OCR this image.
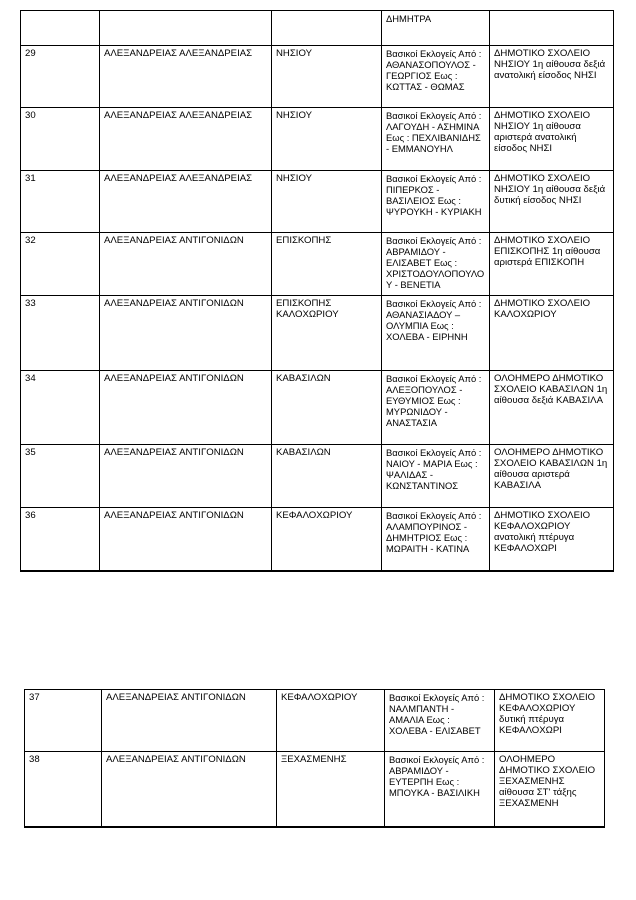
			ΔΗΜΗΤΡΑ	
29	ΑΛΕΞΑΝΔΡΕΙΑΣ ΑΛΕΞΑΝΔΡΕΙΑΣ	ΝΗΣΙΟΥ	Βασικοί Εκλογείς Από : ΑΘΑΝΑΣΟΠΟΥΛΟΣ - ΓΕΩΡΓΙΟΣ Εως : ΚΩΤΤΑΣ - ΘΩΜΑΣ	ΔΗΜΟΤΙΚΟ ΣΧΟΛΕΙΟ ΝΗΣΙΟΥ 1η αίθουσα δεξιά ανατολική είσοδος ΝΗΣΙ
30	ΑΛΕΞΑΝΔΡΕΙΑΣ ΑΛΕΞΑΝΔΡΕΙΑΣ	ΝΗΣΙΟΥ	Βασικοί Εκλογείς Από : ΛΑΓΟΥΔΗ - ΑΣΗΜΙΝΑ Εως : ΠΕΧΛΙΒΑΝΙΔΗΣ - ΕΜΜΑΝΟΥΗΛ	ΔΗΜΟΤΙΚΟ ΣΧΟΛΕΙΟ ΝΗΣΙΟΥ 1η αίθουσα αριστερά ανατολική είσοδος ΝΗΣΙ
31	ΑΛΕΞΑΝΔΡΕΙΑΣ ΑΛΕΞΑΝΔΡΕΙΑΣ	ΝΗΣΙΟΥ	Βασικοί Εκλογείς Από : ΠΙΠΕΡΚΟΣ - ΒΑΣΙΛΕΙΟΣ Εως : ΨΥΡΟΥΚΗ - ΚΥΡΙΑΚΗ	ΔΗΜΟΤΙΚΟ ΣΧΟΛΕΙΟ ΝΗΣΙΟΥ 1η αίθουσα δεξιά δυτική είσοδος ΝΗΣΙ
32	ΑΛΕΞΑΝΔΡΕΙΑΣ ΑΝΤΙΓΟΝΙΔΩΝ	ΕΠΙΣΚΟΠΗΣ	Βασικοί Εκλογείς Από : ΑΒΡΑΜΙΔΟΥ - ΕΛΙΣΑΒΕΤ Εως : ΧΡΙΣΤΟΔΟΥΛΟΠΟΥΛΟΥ - ΒΕΝΕΤΙΑ	ΔΗΜΟΤΙΚΟ ΣΧΟΛΕΙΟ ΕΠΙΣΚΟΠΗΣ 1η αίθουσα αριστερά ΕΠΙΣΚΟΠΗ
33	ΑΛΕΞΑΝΔΡΕΙΑΣ ΑΝΤΙΓΟΝΙΔΩΝ	ΕΠΙΣΚΟΠΗΣ ΚΑΛΟΧΩΡΙΟΥ	Βασικοί Εκλογείς Από : ΑΘΑΝΑΣΙΑΔΟΥ – ΟΛΥΜΠΙΑ Εως : ΧΟΛΕΒΑ - ΕΙΡΗΝΗ	ΔΗΜΟΤΙΚΟ ΣΧΟΛΕΙΟ ΚΑΛΟΧΩΡΙΟΥ
34	ΑΛΕΞΑΝΔΡΕΙΑΣ ΑΝΤΙΓΟΝΙΔΩΝ	ΚΑΒΑΣΙΛΩΝ	Βασικοί Εκλογείς Από : ΑΛΕΞΟΠΟΥΛΟΣ - ΕΥΘΥΜΙΟΣ Εως : ΜΥΡΩΝΙΔΟΥ - ΑΝΑΣΤΑΣΙΑ	ΟΛΟΗΜΕΡΟ ΔΗΜΟΤΙΚΟ ΣΧΟΛΕΙΟ ΚΑΒΑΣΙΛΩΝ 1η αίθουσα δεξιά ΚΑΒΑΣΙΛΑ
35	ΑΛΕΞΑΝΔΡΕΙΑΣ ΑΝΤΙΓΟΝΙΔΩΝ	ΚΑΒΑΣΙΛΩΝ	Βασικοί Εκλογείς Από : ΝΑΙΟΥ - ΜΑΡΙΑ Εως : ΨΑΛΙΔΑΣ - ΚΩΝΣΤΑΝΤΙΝΟΣ	ΟΛΟΗΜΕΡΟ ΔΗΜΟΤΙΚΟ ΣΧΟΛΕΙΟ ΚΑΒΑΣΙΛΩΝ 1η αίθουσα αριστερά ΚΑΒΑΣΙΛΑ
36	ΑΛΕΞΑΝΔΡΕΙΑΣ ΑΝΤΙΓΟΝΙΔΩΝ	ΚΕΦΑΛΟΧΩΡΙΟΥ	Βασικοί Εκλογείς Από : ΑΛΑΜΠΟΥΡΙΝΟΣ - ΔΗΜΗΤΡΙΟΣ Εως : ΜΩΡΑΙΤΗ - ΚΑΤΙΝΑ	ΔΗΜΟΤΙΚΟ ΣΧΟΛΕΙΟ ΚΕΦΑΛΟΧΩΡΙΟΥ ανατολική πτέρυγα ΚΕΦΑΛΟΧΩΡΙ
37	ΑΛΕΞΑΝΔΡΕΙΑΣ ΑΝΤΙΓΟΝΙΔΩΝ	ΚΕΦΑΛΟΧΩΡΙΟΥ	Βασικοί Εκλογείς Από : ΝΑΛΜΠΑΝΤΗ - ΑΜΑΛΙΑ Εως : ΧΟΛΕΒΑ - ΕΛΙΣΑΒΕΤ	ΔΗΜΟΤΙΚΟ ΣΧΟΛΕΙΟ ΚΕΦΑΛΟΧΩΡΙΟΥ δυτική πτέρυγα ΚΕΦΑΛΟΧΩΡΙ
38	ΑΛΕΞΑΝΔΡΕΙΑΣ ΑΝΤΙΓΟΝΙΔΩΝ	ΞΕΧΑΣΜΕΝΗΣ	Βασικοί Εκλογείς Από : ΑΒΡΑΜΙΔΟΥ - ΕΥΤΕΡΠΗ Εως : ΜΠΟΥΚΑ - ΒΑΣΙΛΙΚΗ	ΟΛΟΗΜΕΡΟ ΔΗΜΟΤΙΚΟ ΣΧΟΛΕΙΟ ΞΕΧΑΣΜΕΝΗΣ αίθουσα ΣΤ' τάξης ΞΕΧΑΣΜΕΝΗ
